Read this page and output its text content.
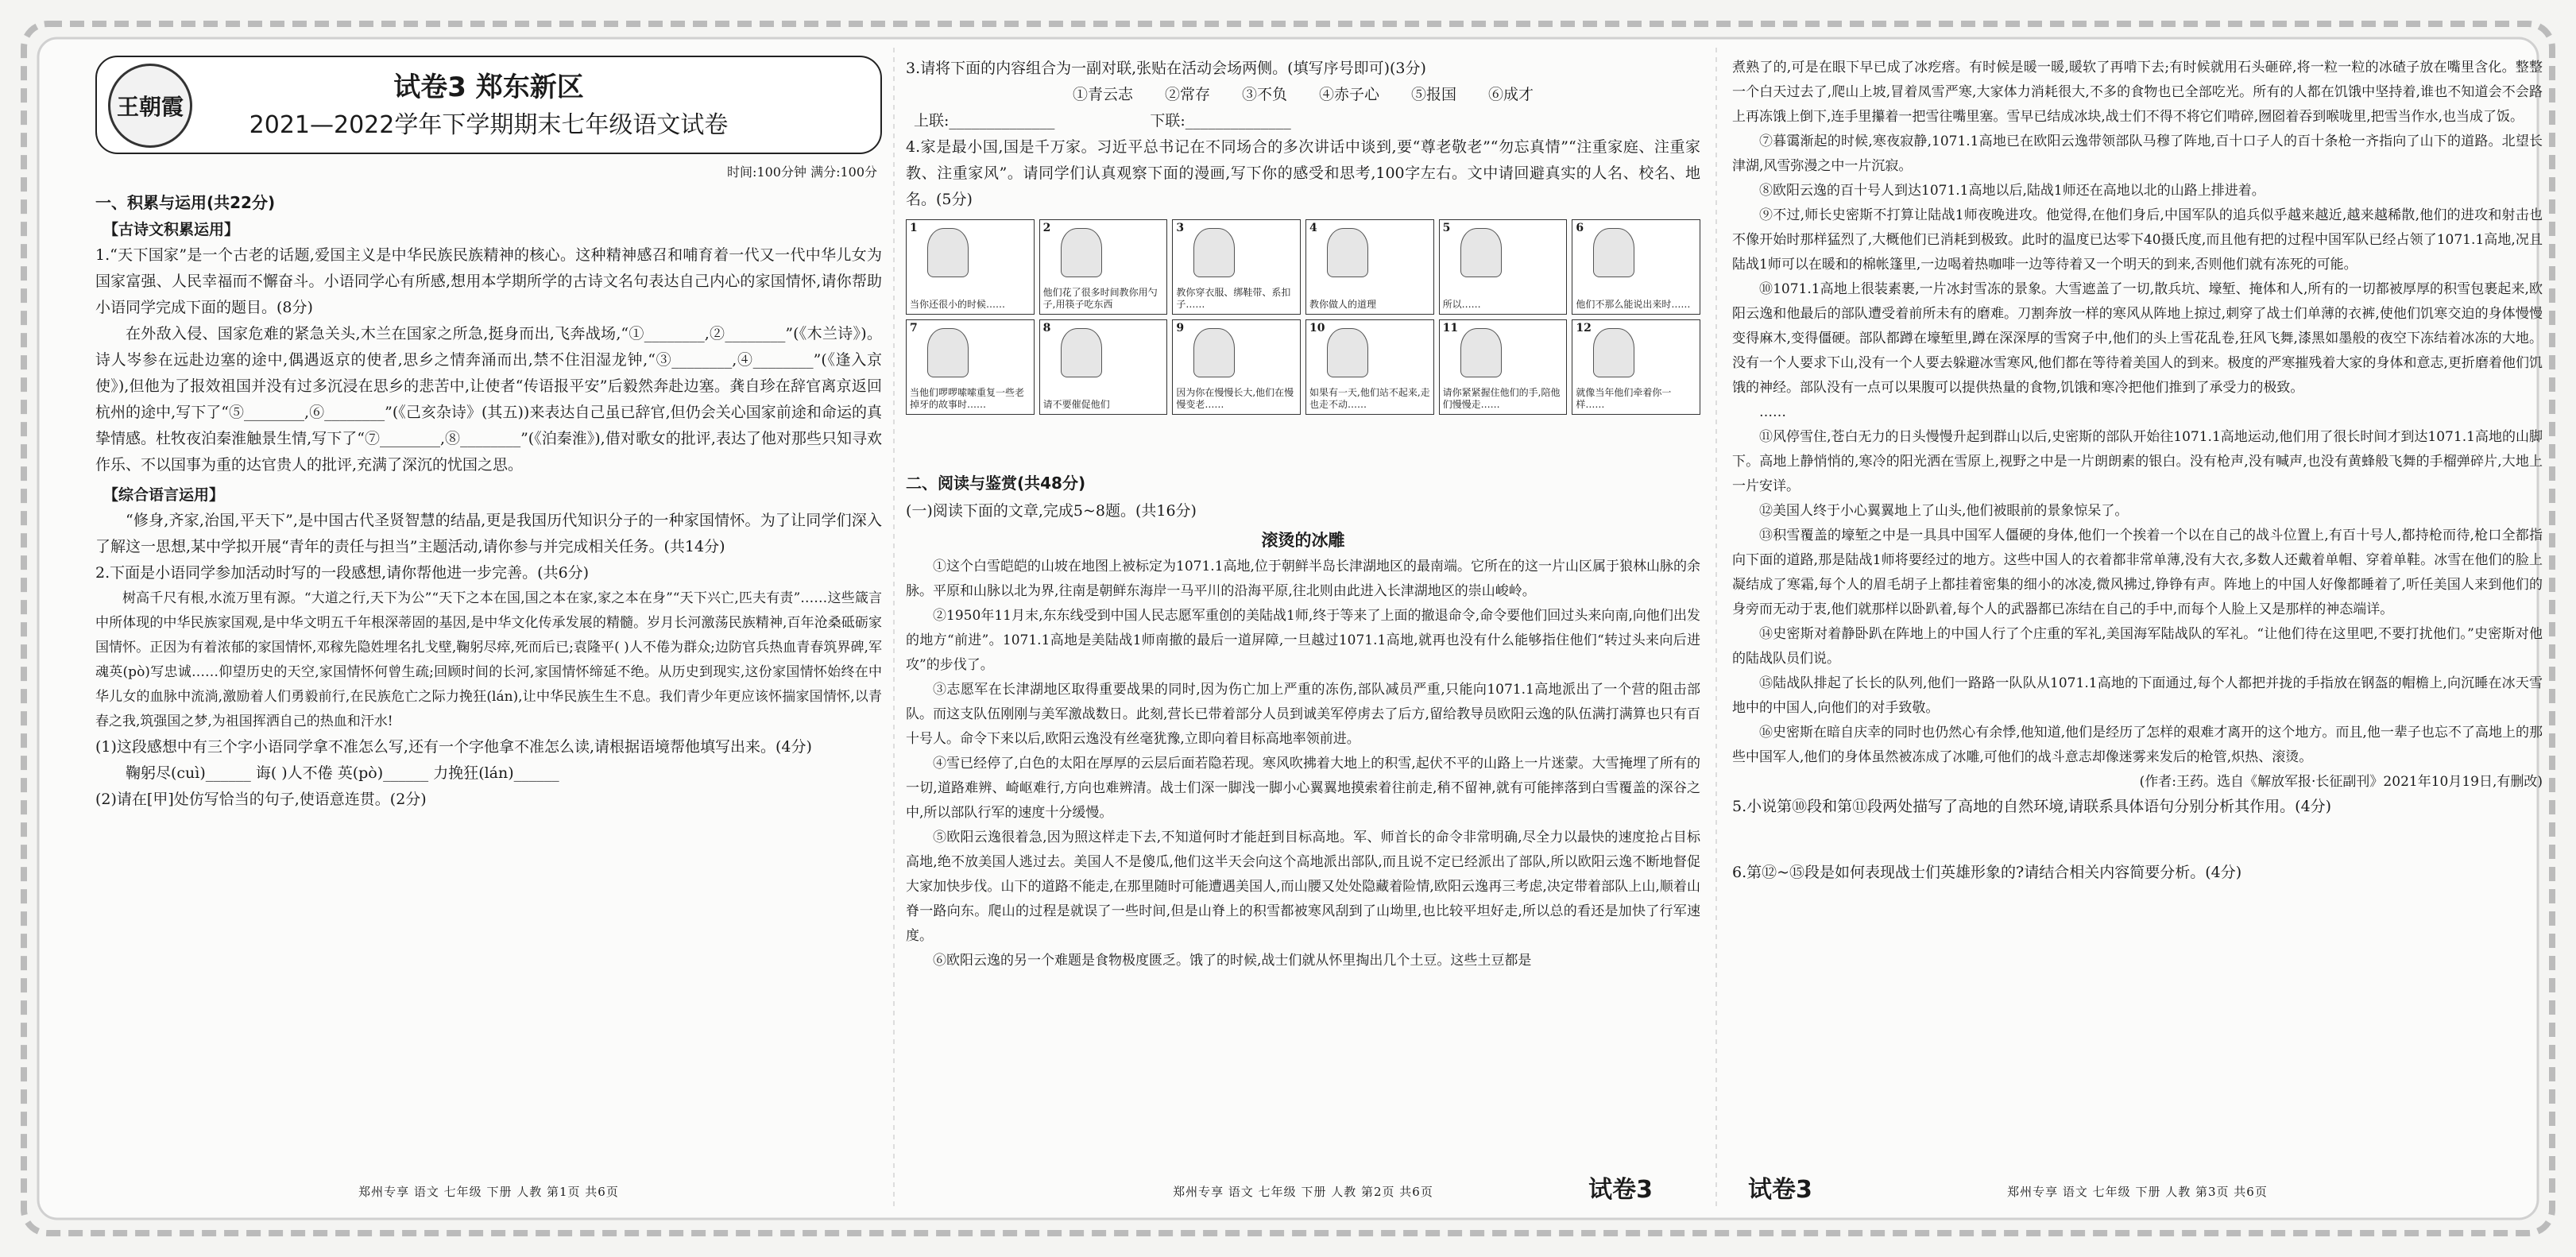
王朝霞
试卷3 郑东新区
2021—2022学年下学期期末七年级语文试卷
时间:100分钟 满分:100分
一、积累与运用(共22分)
【古诗文积累运用】

1.“天下国家”是一个古老的话题,爱国主义是中华民族民族精神的核心。这种精神感召和哺育着一代又一代中华儿女为国家富强、人民幸福而不懈奋斗。小语同学心有所感,想用本学期所学的古诗文名句表达自己内心的家国情怀,请你帮助小语同学完成下面的题目。(8分)

在外敌入侵、国家危难的紧急关头,木兰在国家之所急,挺身而出,飞奔战场,“①________,②________”(《木兰诗》)。诗人岑参在远赴边塞的途中,偶遇返京的使者,思乡之情奔涌而出,禁不住泪湿龙钟,“③________,④________”(《逢入京使》),但他为了报效祖国并没有过多沉浸在思乡的悲苦中,让使者“传语报平安”后毅然奔赴边塞。龚自珍在辞官离京返回杭州的途中,写下了“⑤________,⑥________”(《己亥杂诗》(其五))来表达自己虽已辞官,但仍会关心国家前途和命运的真挚情感。杜牧夜泊秦淮触景生情,写下了“⑦________,⑧________”(《泊秦淮》),借对歌女的批评,表达了他对那些只知寻欢作乐、不以国事为重的达官贵人的批评,充满了深沉的忧国之思。

【综合语言运用】

“修身,齐家,治国,平天下”,是中国古代圣贤智慧的结晶,更是我国历代知识分子的一种家国情怀。为了让同学们深入了解这一思想,某中学拟开展“青年的责任与担当”主题活动,请你参与并完成相关任务。(共14分)

2.下面是小语同学参加活动时写的一段感想,请你帮他进一步完善。(共6分)

树高千尺有根,水流万里有源。“大道之行,天下为公”“天下之本在国,国之本在家,家之本在身”“天下兴亡,匹夫有责”……这些箴言中所体现的中华民族家国观,是中华文明五千年根深蒂固的基因,是中华文化传承发展的精髓。岁月长河激荡民族精神,百年沧桑砥砺家国情怀。正因为有着浓郁的家国情怀,邓稼先隐姓埋名扎戈壁,鞠躬尽瘁,死而后已;袁隆平( )人不倦为群众;边防官兵热血青春筑界碑,军魂英(pò)写忠诚……仰望历史的天空,家国情怀何曾生疏;回顾时间的长河,家国情怀缔延不绝。从历史到现实,这份家国情怀始终在中华儿女的血脉中流淌,激励着人们勇毅前行,在民族危亡之际力挽狂(lán),让中华民族生生不息。我们青少年更应该怀揣家国情怀,以青春之我,筑强国之梦,为祖国挥洒自己的热血和汗水!

(1)这段感想中有三个字小语同学拿不准怎么写,还有一个字他拿不准怎么读,请根据语境帮他填写出来。(4分)

鞠躬尽(cuì)______ 诲( )人不倦 英(pò)______ 力挽狂(lán)______

(2)请在[甲]处仿写恰当的句子,使语意连贯。(2分)

郑州专享 语文 七年级 下册 人教 第1页 共6页

3.请将下面的内容组合为一副对联,张贴在活动会场两侧。(填写序号即可)(3分)

①青云志 ②常存 ③不负 ④赤子心 ⑤报国 ⑥成才
上联:______________	下联:______________

4.家是最小国,国是千万家。习近平总书记在不同场合的多次讲话中谈到,要“尊老敬老”“勿忘真情”“注重家庭、注重家教、注重家风”。请同学们认真观察下面的漫画,写下你的感受和思考,100字左右。文中请回避真实的人名、校名、地名。(5分)

1
当你还很小的时候……
2
他们花了很多时间教你用勺子,用筷子吃东西
3
教你穿衣服、绑鞋带、系扣子……
4
教你做人的道理
5
所以……
6
他们不那么能说出来时……
7
当他们啰啰嗦嗦重复一些老掉牙的故事时……
8
请不要催促他们
9
因为你在慢慢长大,他们在慢慢变老……
10
如果有一天,他们站不起来,走也走不动……
11
请你紧紧握住他们的手,陪他们慢慢走……
12
就像当年他们牵着你一样……
二、阅读与鉴赏(共48分)

(一)阅读下面的文章,完成5~8题。(共16分)

滚烫的冰雕

①这个白雪皑皑的山坡在地图上被标定为1071.1高地,位于朝鲜半岛长津湖地区的最南端。它所在的这一片山区属于狼林山脉的余脉。平原和山脉以北为界,往南是朝鲜东海岸一马平川的沿海平原,往北则由此进入长津湖地区的崇山峻岭。

②1950年11月末,东东线受到中国人民志愿军重创的美陆战1师,终于等来了上面的撤退命令,命令要他们回过头来向南,向他们出发的地方“前进”。1071.1高地是美陆战1师南撤的最后一道屏障,一旦越过1071.1高地,就再也没有什么能够指住他们“转过头来向后进攻”的步伐了。

③志愿军在长津湖地区取得重要战果的同时,因为伤亡加上严重的冻伤,部队减员严重,只能向1071.1高地派出了一个营的阻击部队。而这支队伍刚刚与美军激战数日。此刻,营长已带着部分人员到诚美军停虏去了后方,留给教导员欧阳云逸的队伍满打满算也只有百十号人。命令下来以后,欧阳云逸没有丝毫犹豫,立即向着目标高地率领前进。

④雪已经停了,白色的太阳在厚厚的云层后面若隐若现。寒风吹拂着大地上的积雪,起伏不平的山路上一片迷蒙。大雪掩埋了所有的一切,道路难辨、崎岖难行,方向也难辨清。战士们深一脚浅一脚小心翼翼地摸索着往前走,稍不留神,就有可能摔落到白雪覆盖的深谷之中,所以部队行军的速度十分缓慢。

⑤欧阳云逸很着急,因为照这样走下去,不知道何时才能赶到目标高地。军、师首长的命令非常明确,尽全力以最快的速度抢占目标高地,绝不放美国人逃过去。美国人不是傻瓜,他们这半天会向这个高地派出部队,而且说不定已经派出了部队,所以欧阳云逸不断地督促大家加快步伐。山下的道路不能走,在那里随时可能遭遇美国人,而山腰又处处隐藏着险情,欧阳云逸再三考虑,决定带着部队上山,顺着山脊一路向东。爬山的过程是就误了一些时间,但是山脊上的积雪都被寒风刮到了山坳里,也比较平坦好走,所以总的看还是加快了行军速度。

⑥欧阳云逸的另一个难题是食物极度匮乏。饿了的时候,战士们就从怀里掏出几个土豆。这些土豆都是

郑州专享 语文 七年级 下册 人教 第2页 共6页	试卷3

煮熟了的,可是在眼下早已成了冰疙瘩。有时候是暖一暖,暖软了再啃下去;有时候就用石头砸碎,将一粒一粒的冰碴子放在嘴里含化。整整一个白天过去了,爬山上坡,冒着凤雪严寒,大家体力消耗很大,不多的食物也已全部吃光。所有的人都在饥饿中坚持着,谁也不知道会不会路上再冻饿上倒下,连手里攥着一把雪往嘴里塞。雪早已结成冰块,战士们不得不将它们啃碎,囫囵着吞到喉咙里,把雪当作水,也当成了饭。

⑦暮霭渐起的时候,寒夜寂静,1071.1高地已在欧阳云逸带领部队马穆了阵地,百十口子人的百十条枪一齐指向了山下的道路。北望长津湖,风雪弥漫之中一片沉寂。

⑧欧阳云逸的百十号人到达1071.1高地以后,陆战1师还在高地以北的山路上排进着。

⑨不过,师长史密斯不打算让陆战1师夜晚进攻。他觉得,在他们身后,中国军队的追兵似乎越来越近,越来越稀散,他们的进攻和射击也不像开始时那样猛烈了,大概他们已消耗到极致。此时的温度已达零下40摄氏度,而且他有把的过程中国军队已经占领了1071.1高地,况且陆战1师可以在暖和的棉帐篷里,一边喝着热咖啡一边等待着又一个明天的到来,否则他们就有冻死的可能。

⑩1071.1高地上很装素裹,一片冰封雪冻的景象。大雪遮盖了一切,散兵坑、壕堑、掩体和人,所有的一切都被厚厚的积雪包裹起来,欧阳云逸和他最后的部队遭受着前所未有的磨难。刀割奔放一样的寒风从阵地上掠过,刺穿了战士们单薄的衣裤,使他们饥寒交迫的身体慢慢变得麻木,变得僵硬。部队都蹲在壕堑里,蹲在深深厚的雪窝子中,他们的头上雪花乱卷,狂风飞舞,漆黑如墨般的夜空下冻结着冰冻的大地。没有一个人要求下山,没有一个人要去躲避冰雪寒风,他们都在等待着美国人的到来。极度的严寒摧残着大家的身体和意志,更折磨着他们饥饿的神经。部队没有一点可以果腹可以提供热量的食物,饥饿和寒冷把他们推到了承受力的极致。

……

⑪风停雪住,苍白无力的日头慢慢升起到群山以后,史密斯的部队开始往1071.1高地运动,他们用了很长时间才到达1071.1高地的山脚下。高地上静悄悄的,寒冷的阳光洒在雪原上,视野之中是一片朗朗素的银白。没有枪声,没有喊声,也没有黄蜂般飞舞的手榴弹碎片,大地上一片安详。

⑫美国人终于小心翼翼地上了山头,他们被眼前的景象惊呆了。

⑬积雪覆盖的壕堑之中是一具具中国军人僵硬的身体,他们一个挨着一个以在自己的战斗位置上,有百十号人,都持枪而待,枪口全都指向下面的道路,那是陆战1师将要经过的地方。这些中国人的衣着都非常单薄,没有大衣,多数人还戴着单帽、穿着单鞋。冰雪在他们的脸上凝结成了寒霜,每个人的眉毛胡子上都挂着密集的细小的冰凌,微风拂过,铮铮有声。阵地上的中国人好像都睡着了,听任美国人来到他们的身旁而无动于衷,他们就那样以卧趴着,每个人的武器都已冻结在自己的手中,而每个人脸上又是那样的神态端详。

⑭史密斯对着静卧趴在阵地上的中国人行了个庄重的军礼,美国海军陆战队的军礼。“让他们待在这里吧,不要打扰他们。”史密斯对他的陆战队员们说。

⑮陆战队排起了长长的队列,他们一路路一队队从1071.1高地的下面通过,每个人都把并拢的手指放在钢盔的帽檐上,向沉睡在冰天雪地中的中国人,向他们的对手致敬。

⑯史密斯在暗自庆幸的同时也仍然心有余悸,他知道,他们是经历了怎样的艰难才离开的这个地方。而且,他一辈子也忘不了高地上的那些中国军人,他们的身体虽然被冻成了冰雕,可他们的战斗意志却像迷雾来发后的枪管,炽热、滚烫。

(作者:王药。选自《解放军报·长征副刊》2021年10月19日,有删改)

5.小说第⑩段和第⑪段两处描写了高地的自然环境,请联系具体语句分别分析其作用。(4分)

6.第⑫~⑮段是如何表现战士们英雄形象的?请结合相关内容简要分析。(4分)

郑州专享 语文 七年级 下册 人教 第3页 共6页
试卷3
